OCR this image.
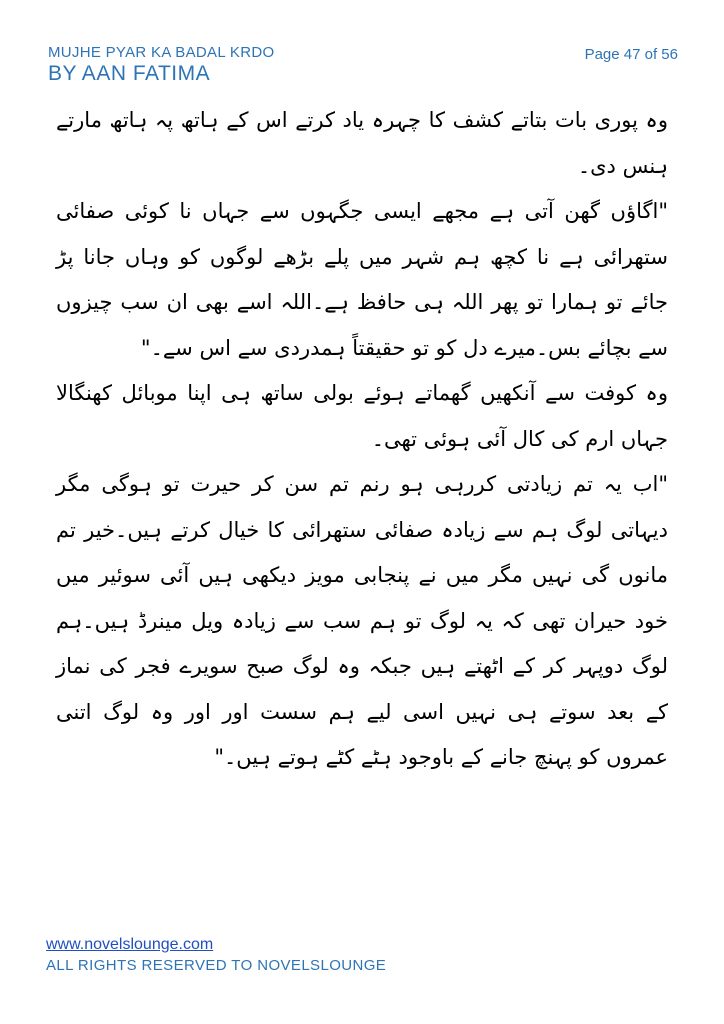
MUJHE PYAR KA BADAL KRDO
BY AAN FATIMA
Page 47 of 56

وہ پوری بات بتاتے کشف کا چہرہ یاد کرتے اس کے ہاتھ پہ ہاتھ مارتے ہنس دی۔

"اگاؤں گھن آتی ہے مجھے ایسی جگہوں سے جہاں نا کوئی صفائی ستھرائی ہے نا کچھ ہم شہر میں پلے بڑھے لوگوں کو وہاں جانا پڑ جائے تو ہمارا تو پھر اللہ ہی حافظ ہے۔اللہ اسے بھی ان سب چیزوں سے بچائے بس۔میرے دل کو تو حقیقتاً ہمدردی سے اس سے۔"

وہ کوفت سے آنکھیں گھماتے ہوئے بولی ساتھ ہی اپنا موبائل کھنگالا جہاں ارم کی کال آئی ہوئی تھی۔

"اب یہ تم زیادتی کررہی ہو رنم تم سن کر حیرت تو ہوگی مگر دیہاتی لوگ ہم سے زیادہ صفائی ستھرائی کا خیال کرتے ہیں۔خیر تم مانوں گی نہیں مگر میں نے پنجابی مویز دیکھی ہیں آئی سوئیر میں خود حیران تھی کہ یہ لوگ تو ہم سب سے زیادہ ویل مینرڈ ہیں۔ہم لوگ دوپہر کر کے اٹھتے ہیں جبکہ وہ لوگ صبح سویرے فجر کی نماز کے بعد سوتے ہی نہیں اسی لیے ہم سست اور اور وہ لوگ اتنی عمروں کو پہنچ جانے کے باوجود ہٹے کٹے ہوتے ہیں۔"

www.novelslounge.com
ALL RIGHTS RESERVED TO NOVELSLOUNGE
